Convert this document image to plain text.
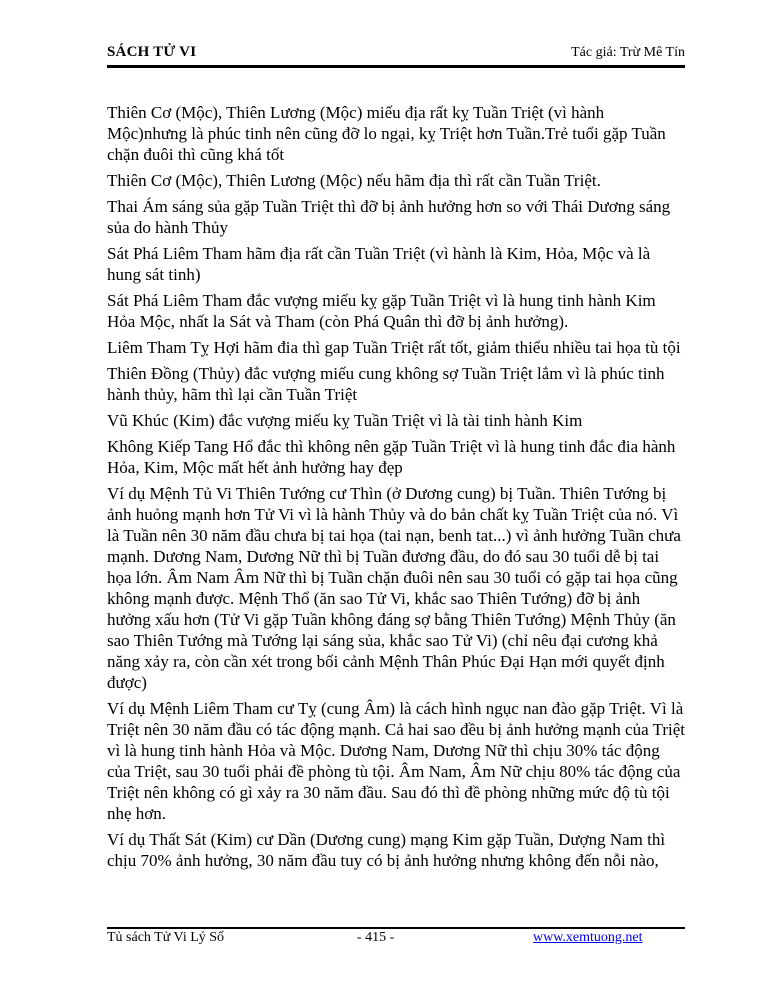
SÁCH TỬ VI	Tác giả: Trừ Mê Tín

Thiên Cơ (Mộc), Thiên Lương (Mộc) miếu địa rất kỵ Tuần Triệt (vì hành Mộc)nhưng là phúc tinh nên cũng đỡ lo ngại, kỵ Triệt hơn Tuần.Trẻ tuổi gặp Tuần chặn đuôi thì cũng khá tốt

Thiên Cơ (Mộc), Thiên Lương (Mộc) nếu hãm địa thì rất cần Tuần Triệt.

Thai Ám sáng sủa gặp Tuần Triệt thì đỡ bị ảnh hưởng hơn so với Thái Dương sáng sủa do hành Thủy

Sát Phá Liêm Tham hãm địa rất cần Tuần Triệt (vì hành là Kim, Hỏa, Mộc và là hung sát tinh)

Sát Phá Liêm Tham đắc vượng miếu kỵ gặp Tuần Triệt vì là hung tinh hành Kim Hỏa Mộc, nhất la Sát và Tham (còn Phá Quân thì đỡ bị ảnh hưởng).

Liêm Tham Tỵ Hợi hãm đia thì gap Tuần Triệt rất tốt, giảm thiểu nhiều tai họa tù tội

Thiên Đồng (Thủy) đắc vượng miếu cung không sợ Tuần Triệt lắm vì là phúc tinh hành thủy, hãm thì lại cần Tuần Triệt

Vũ Khúc (Kim) đắc vượng miếu kỵ Tuần Triệt vì là tài tinh hành Kim

Không Kiếp Tang Hổ đắc thì không nên gặp Tuần Triệt vì là hung tinh đắc đia hành Hỏa, Kim, Mộc mất hết ảnh hưởng hay đẹp

Ví dụ Mệnh Tủ Vi Thiên Tướng cư Thìn (ở Dương cung) bị Tuần. Thiên Tướng bị ảnh huỏng mạnh hơn Tử Vi vì là hành Thủy và do bản chất kỵ Tuần Triệt của nó. Vì là Tuần nên 30 năm đầu chưa bị tai họa (tai nạn, benh tat...) vì ảnh hưởng Tuần chưa mạnh. Dương Nam, Dương Nữ thì bị Tuần đương đầu, do đó sau 30 tuổi dễ bị tai họa lớn. Âm Nam Âm Nữ thì bị Tuần chặn đuôi nên sau 30 tuổi có gặp tai họa cũng không mạnh được. Mệnh Thổ (ăn sao Tử Vi, khắc sao Thiên Tướng) đỡ bị ảnh hưởng xấu hơn (Tử Vi gặp Tuần không đáng sợ bằng Thiên Tướng) Mệnh Thủy (ăn sao Thiên Tướng mà Tướng lại sáng sủa, khắc sao Tử Vi) (chỉ nêu đại cương khả năng xảy ra, còn cần xét trong bối cảnh Mệnh Thân Phúc Đại Hạn mới quyết định được)

Ví dụ Mệnh Liêm Tham cư Tỵ (cung Âm) là cách hình ngục nan đào gặp Triệt. Vì là Triệt nên 30 năm đầu có tác động mạnh. Cả hai sao đều bị ảnh hưởng mạnh của Triệt vì là hung tinh hành Hỏa và Mộc. Dương Nam, Dương Nữ thì chịu 30% tác động của Triệt, sau 30 tuổi phải đề phòng tù tội. Âm Nam, Âm Nữ chịu 80% tác động của Triệt nên không có gì xảy ra 30 năm đầu. Sau đó thì đề phòng những mức độ tù tội nhẹ hơn.

Ví dụ Thất Sát (Kim) cư Dần (Dương cung) mạng Kim gặp Tuần, Dượng Nam thì chịu 70% ảnh hưởng, 30 năm đầu tuy có bị ảnh hưởng nhưng không đến nỗi nào,

Tủ sách Tử Vi Lý Số	- 415 -	www.xemtuong.net
